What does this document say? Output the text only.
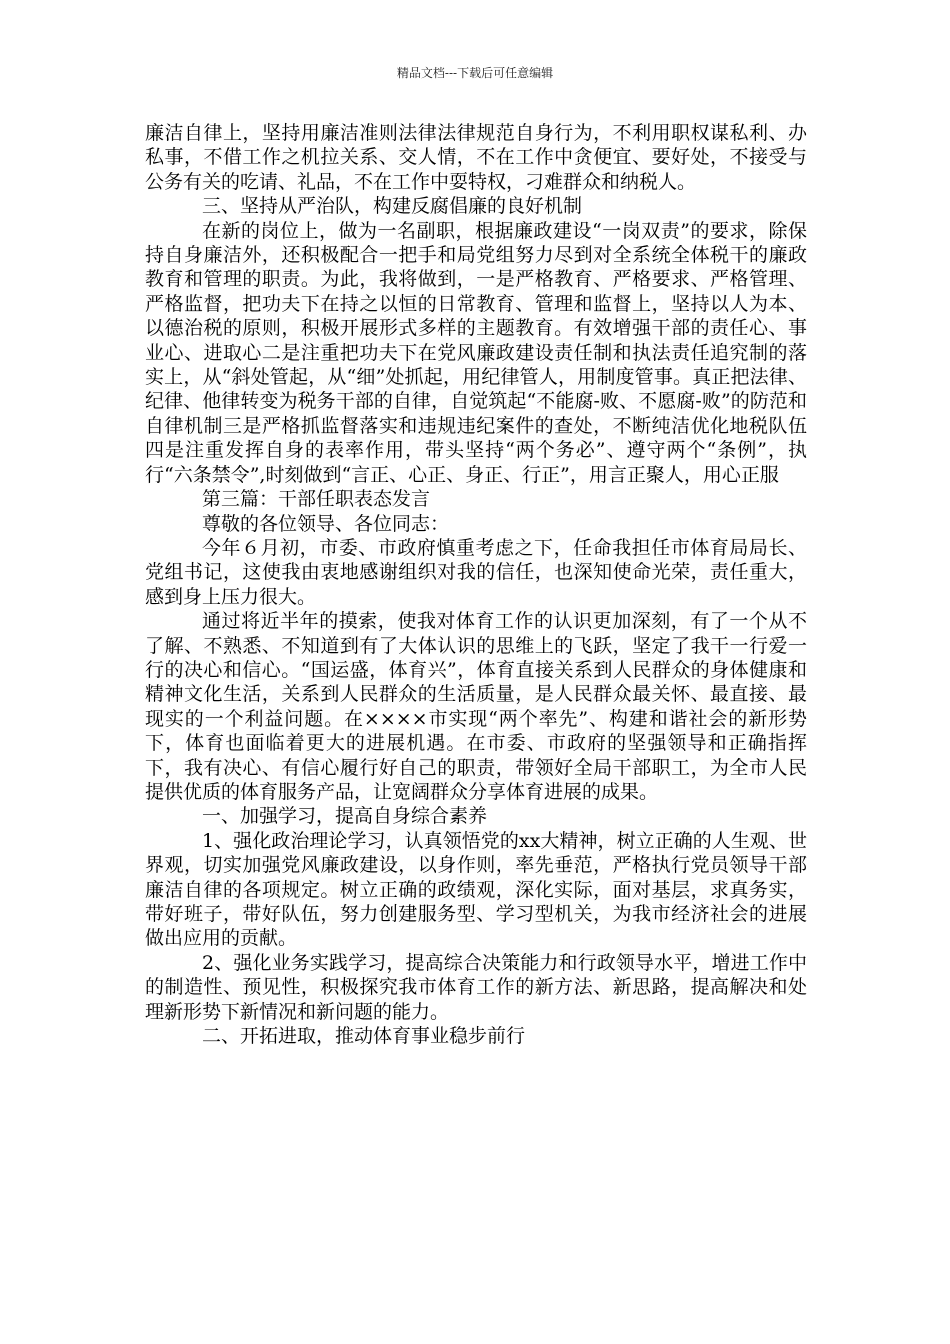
精品文档---下载后可任意编辑

廉洁自律上，坚持用廉洁准则法律法律规范自身行为，不利用职权谋私利、办私事，不借工作之机拉关系、交人情，不在工作中贪便宜、要好处，不接受与公务有关的吃请、礼品，不在工作中耍特权，刁难群众和纳税人。

三、坚持从严治队，构建反腐倡廉的良好机制

在新的岗位上，做为一名副职，根据廉政建设“一岗双责”的要求，除保持自身廉洁外，还积极配合一把手和局党组努力尽到对全系统全体税干的廉政教育和管理的职责。为此，我将做到，一是严格教育、严格要求、严格管理、严格监督，把功夫下在持之以恒的日常教育、管理和监督上，坚持以人为本、以德治税的原则，积极开展形式多样的主题教育。有效增强干部的责任心、事业心、进取心二是注重把功夫下在党风廉政建设责任制和执法责任追究制的落实上，从“斜处管起，从“细”处抓起，用纪律管人，用制度管事。真正把法律、纪律、他律转变为税务干部的自律，自觉筑起“不能腐-败、不愿腐-败”的防范和自律机制三是严格抓监督落实和违规违纪案件的查处，不断纯洁优化地税队伍四是注重发挥自身的表率作用，带头坚持“两个务必”、遵守两个“条例”，执行“六条禁令”,时刻做到“言正、心正、身正、行正”，用言正聚人，用心正服

第三篇：干部任职表态发言

尊敬的各位领导、各位同志：

今年６月初，市委、市政府慎重考虑之下，任命我担任市体育局局长、党组书记，这使我由衷地感谢组织对我的信任，也深知使命光荣，责任重大，感到身上压力很大。

通过将近半年的摸索，使我对体育工作的认识更加深刻，有了一个从不了解、不熟悉、不知道到有了大体认识的思维上的飞跃，坚定了我干一行爱一行的决心和信心。“国运盛，体育兴”，体育直接关系到人民群众的身体健康和精神文化生活，关系到人民群众的生活质量，是人民群众最关怀、最直接、最现实的一个利益问题。在××××市实现“两个率先”、构建和谐社会的新形势下，体育也面临着更大的进展机遇。在市委、市政府的坚强领导和正确指挥下，我有决心、有信心履行好自己的职责，带领好全局干部职工，为全市人民提供优质的体育服务产品，让宽阔群众分享体育进展的成果。

一、加强学习，提高自身综合素养

1、强化政治理论学习，认真领悟党的xx大精神，树立正确的人生观、世界观，切实加强党风廉政建设，以身作则，率先垂范，严格执行党员领导干部廉洁自律的各项规定。树立正确的政绩观，深化实际，面对基层，求真务实，带好班子，带好队伍，努力创建服务型、学习型机关，为我市经济社会的进展做出应用的贡献。

2、强化业务实践学习，提高综合决策能力和行政领导水平，增进工作中的制造性、预见性，积极探究我市体育工作的新方法、新思路，提高解决和处理新形势下新情况和新问题的能力。

二、开拓进取，推动体育事业稳步前行
